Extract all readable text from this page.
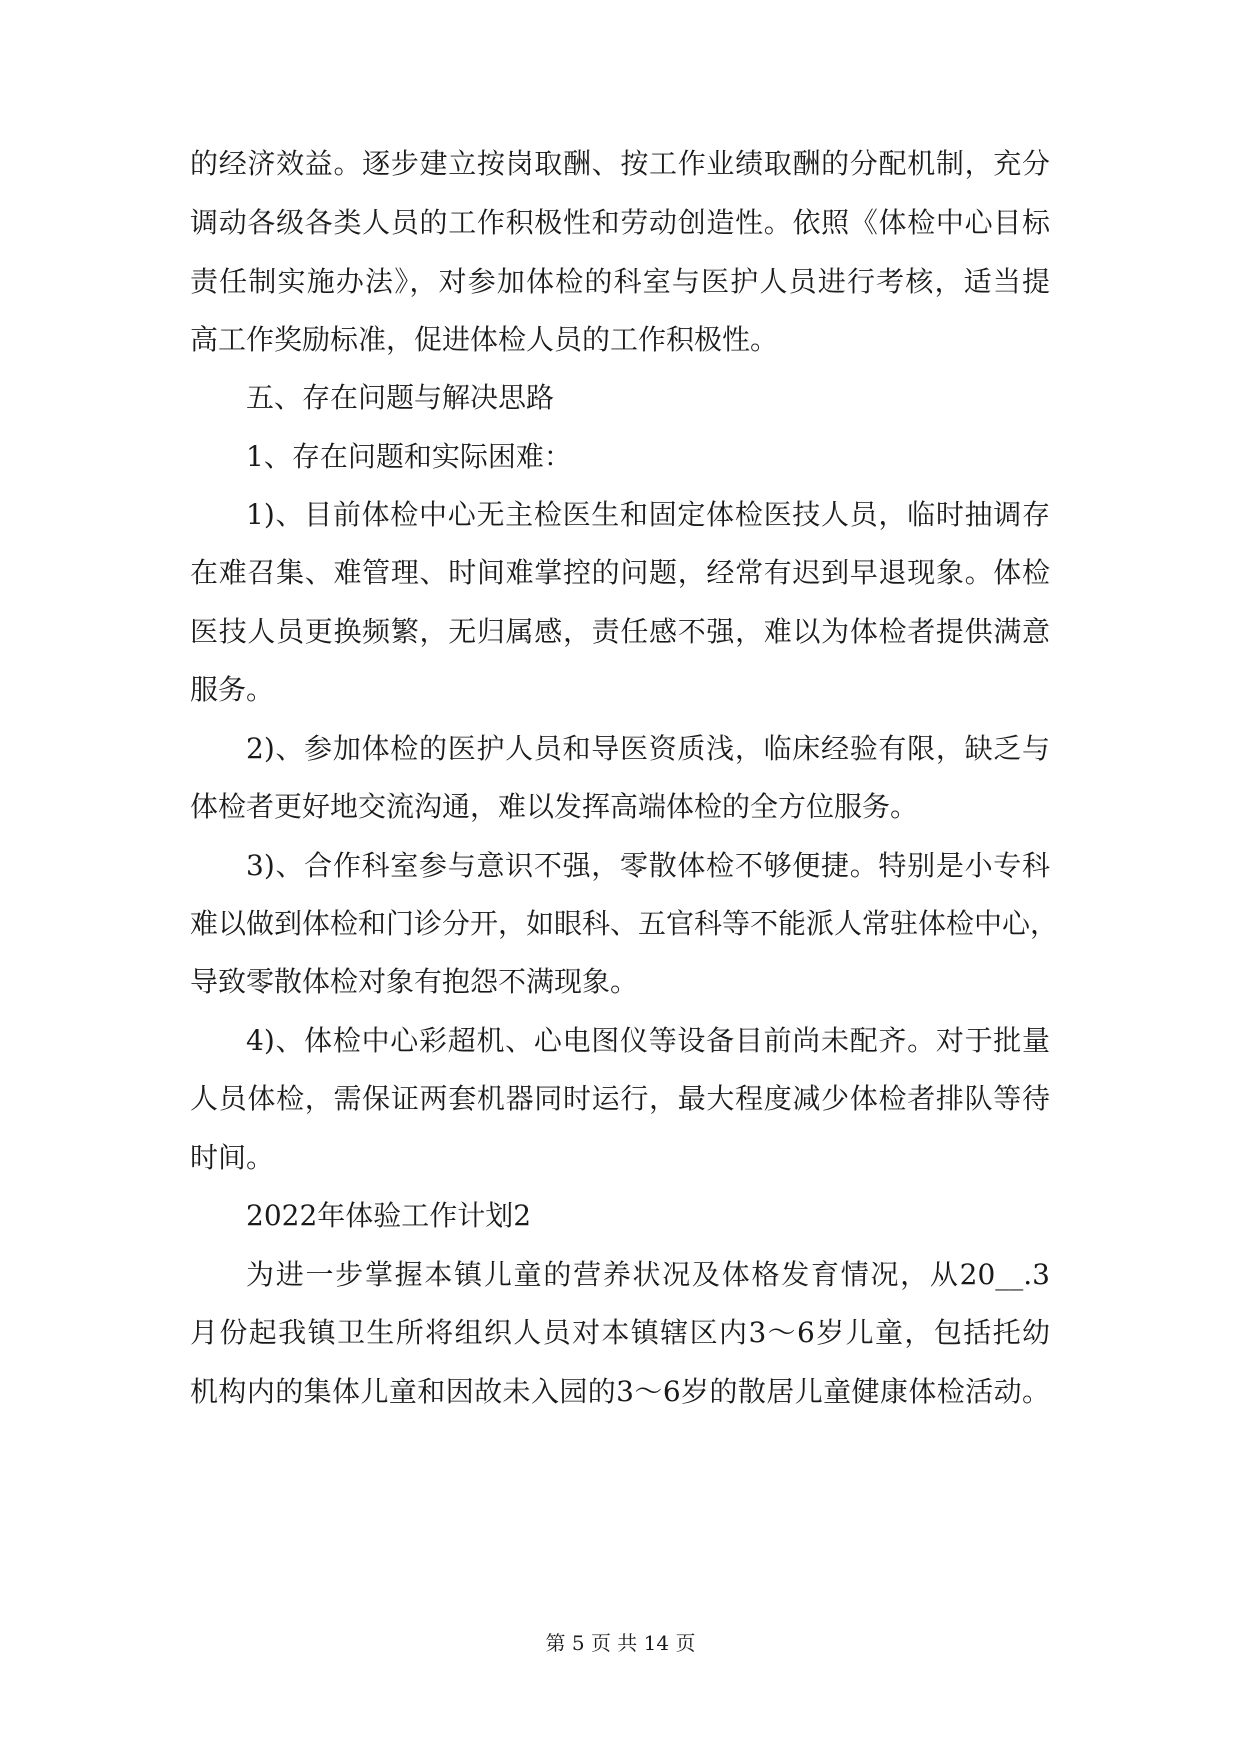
的经济效益。逐步建立按岗取酬、按工作业绩取酬的分配机制，充分
调动各级各类人员的工作积极性和劳动创造性。依照《体检中心目标
责任制实施办法》，对参加体检的科室与医护人员进行考核，适当提
高工作奖励标准，促进体检人员的工作积极性。
五、存在问题与解决思路
1、存在问题和实际困难：
1)、目前体检中心无主检医生和固定体检医技人员，临时抽调存
在难召集、难管理、时间难掌控的问题，经常有迟到早退现象。体检
医技人员更换频繁，无归属感，责任感不强，难以为体检者提供满意
服务。
2)、参加体检的医护人员和导医资质浅，临床经验有限，缺乏与
体检者更好地交流沟通，难以发挥高端体检的全方位服务。
3)、合作科室参与意识不强，零散体检不够便捷。特别是小专科
难以做到体检和门诊分开，如眼科、五官科等不能派人常驻体检中心，
导致零散体检对象有抱怨不满现象。
4)、体检中心彩超机、心电图仪等设备目前尚未配齐。对于批量
人员体检，需保证两套机器同时运行，最大程度减少体检者排队等待
时间。
2022年体验工作计划2
为进一步掌握本镇儿童的营养状况及体格发育情况，从20__.3
月份起我镇卫生所将组织人员对本镇辖区内3～6岁儿童，包括托幼
机构内的集体儿童和因故未入园的3～6岁的散居儿童健康体检活动。
第 5 页 共 14 页
